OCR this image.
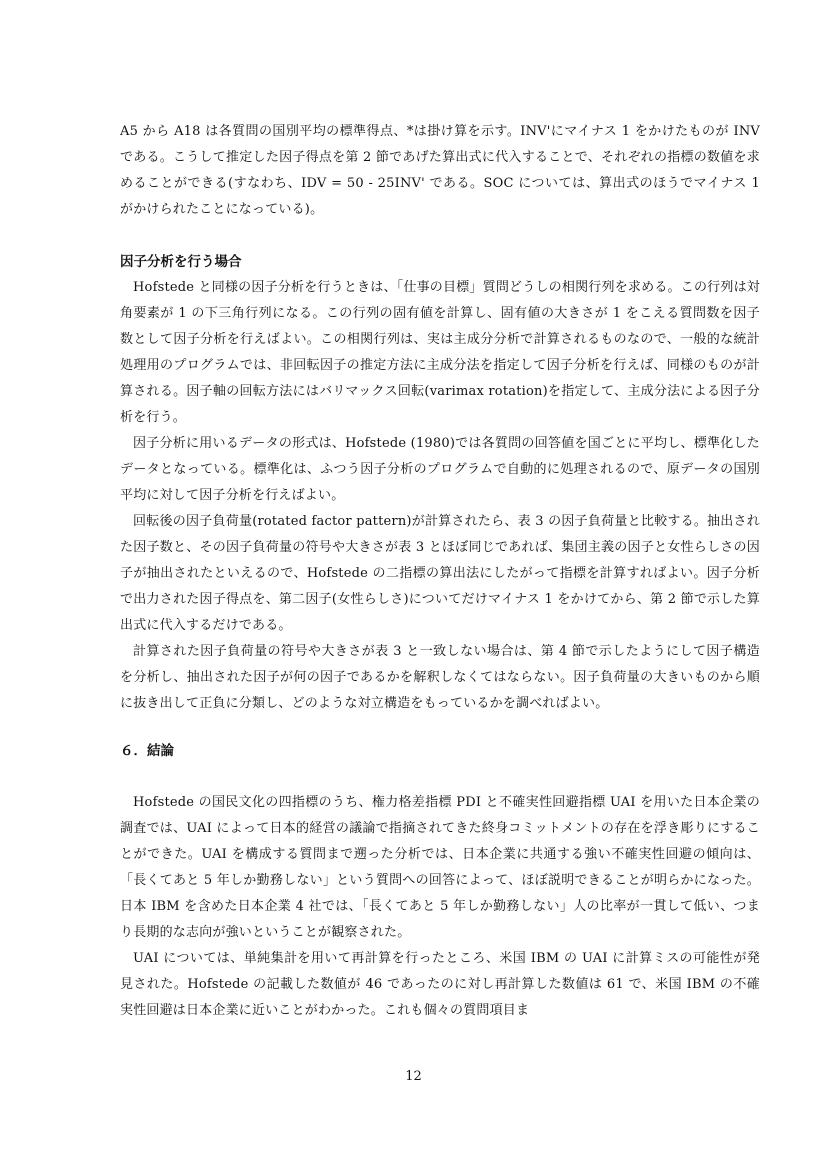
A5 から A18 は各質問の国別平均の標準得点、*は掛け算を示す。INV'にマイナス 1 をかけたものが INV である。こうして推定した因子得点を第 2 節であげた算出式に代入することで、それぞれの指標の数値を求めることができる(すなわち、IDV = 50 - 25INV' である。SOC については、算出式のほうでマイナス 1 がかけられたことになっている)。

因子分析を行う場合

Hofstede と同様の因子分析を行うときは、「仕事の目標」質問どうしの相関行列を求める。この行列は対角要素が 1 の下三角行列になる。この行列の固有値を計算し、固有値の大きさが 1 をこえる質問数を因子数として因子分析を行えばよい。この相関行列は、実は主成分分析で計算されるものなので、一般的な統計処理用のプログラムでは、非回転因子の推定方法に主成分法を指定して因子分析を行えば、同様のものが計算される。因子軸の回転方法にはバリマックス回転(varimax rotation)を指定して、主成分法による因子分析を行う。

因子分析に用いるデータの形式は、Hofstede (1980)では各質問の回答値を国ごとに平均し、標準化したデータとなっている。標準化は、ふつう因子分析のプログラムで自動的に処理されるので、原データの国別平均に対して因子分析を行えばよい。

回転後の因子負荷量(rotated factor pattern)が計算されたら、表 3 の因子負荷量と比較する。抽出された因子数と、その因子負荷量の符号や大きさが表 3 とほぼ同じであれば、集団主義の因子と女性らしさの因子が抽出されたといえるので、Hofstede の二指標の算出法にしたがって指標を計算すればよい。因子分析で出力された因子得点を、第二因子(女性らしさ)についてだけマイナス 1 をかけてから、第 2 節で示した算出式に代入するだけである。

計算された因子負荷量の符号や大きさが表 3 と一致しない場合は、第 4 節で示したようにして因子構造を分析し、抽出された因子が何の因子であるかを解釈しなくてはならない。因子負荷量の大きいものから順に抜き出して正負に分類し、どのような対立構造をもっているかを調べればよい。

６．結論

Hofstede の国民文化の四指標のうち、権力格差指標 PDI と不確実性回避指標 UAI を用いた日本企業の調査では、UAI によって日本的経営の議論で指摘されてきた終身コミットメントの存在を浮き彫りにすることができた。UAI を構成する質問まで遡った分析では、日本企業に共通する強い不確実性回避の傾向は、「長くてあと 5 年しか勤務しない」という質問への回答によって、ほぼ説明できることが明らかになった。日本 IBM を含めた日本企業 4 社では、「長くてあと 5 年しか勤務しない」人の比率が一貫して低い、つまり長期的な志向が強いということが観察された。

UAI については、単純集計を用いて再計算を行ったところ、米国 IBM の UAI に計算ミスの可能性が発見された。Hofstede の記載した数値が 46 であったのに対し再計算した数値は 61 で、米国 IBM の不確実性回避は日本企業に近いことがわかった。これも個々の質問項目ま

12
